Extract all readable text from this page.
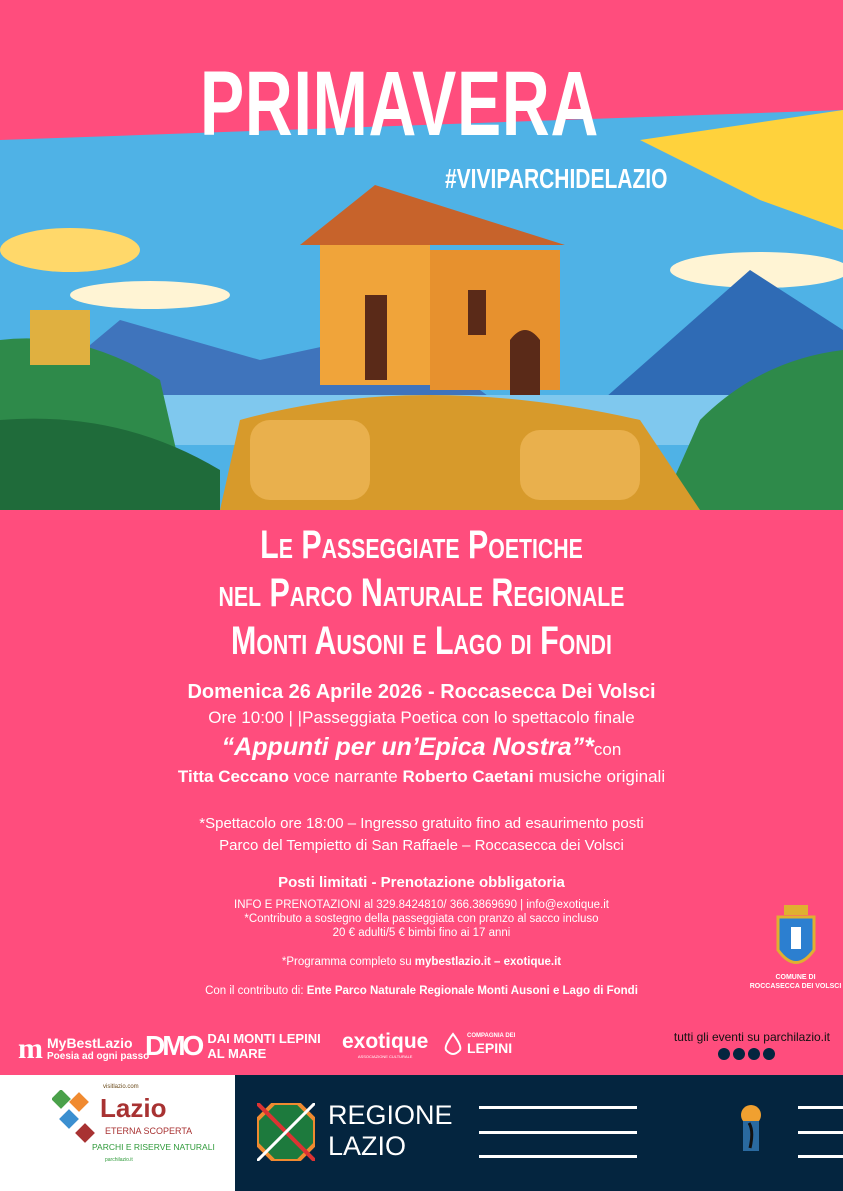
PRIMAVERA
#VIVIPARCHIDELAZIO
Le Passeggiate Poetiche
nel Parco Naturale Regionale
Monti Ausoni e Lago di Fondi
Domenica 26 Aprile 2026 - Roccasecca Dei Volsci
Ore 10:00 | |Passeggiata Poetica con lo spettacolo finale
“Appunti per un’Epica Nostra”*con
Titta Ceccano voce narrante Roberto Caetani musiche originali
*Spettacolo ore 18:00 – Ingresso gratuito fino ad esaurimento posti
Parco del Tempietto di San Raffaele – Roccasecca dei Volsci
Posti limitati - Prenotazione obbligatoria
INFO E PRENOTAZIONI al 329.8424810/ 366.3869690 | info@exotique.it
*Contributo a sostegno della passeggiata con pranzo al sacco incluso
20 € adulti/5 € bimbi fino ai 17 anni
*Programma completo su mybestlazio.it – exotique.it
Con il contributo di: Ente Parco Naturale Regionale Monti Ausoni e Lago di Fondi
COMUNE DI
ROCCASECCA DEI VOLSCI
m MyBestLazio
Poesia ad ogni passo
DMO DAI MONTI LEPINI
AL MARE
exotique
ASSOCIAZIONE CULTURALE
COMPAGNIA DEI
LEPINI
tutti gli eventi su parchilazio.it
visitlazio.com
Lazio
ETERNA SCOPERTA
PARCHI E RISERVE NATURALI
parchilazio.it
REGIONE
LAZIO
